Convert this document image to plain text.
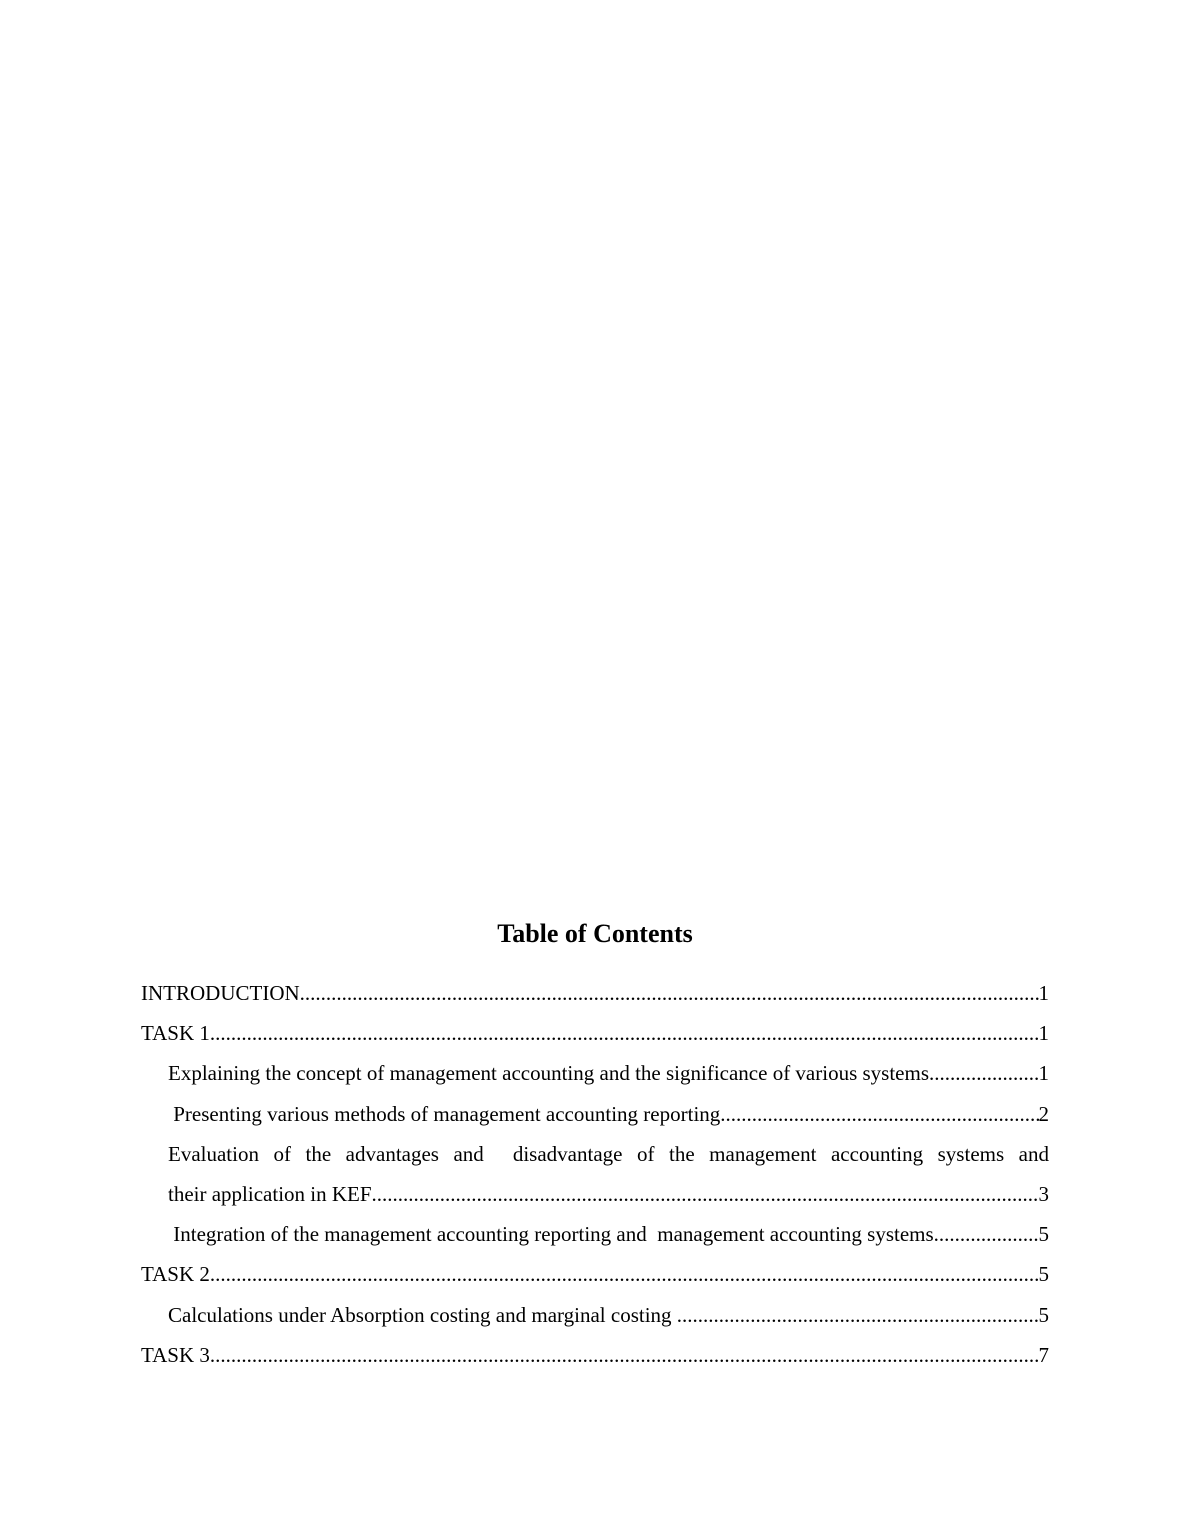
Table of Contents
INTRODUCTION .....	1
TASK 1 .....	1
Explaining the concept of management accounting and the significance of various systems .....	1
Presenting various methods of management accounting reporting .....	2
Evaluation of the advantages and  disadvantage of the management accounting systems and
their application in KEF .....	3
Integration of the management accounting reporting and  management accounting systems .....	5
TASK 2 .....	5
Calculations under Absorption costing and marginal costing .....	5
TASK 3 .....	7
